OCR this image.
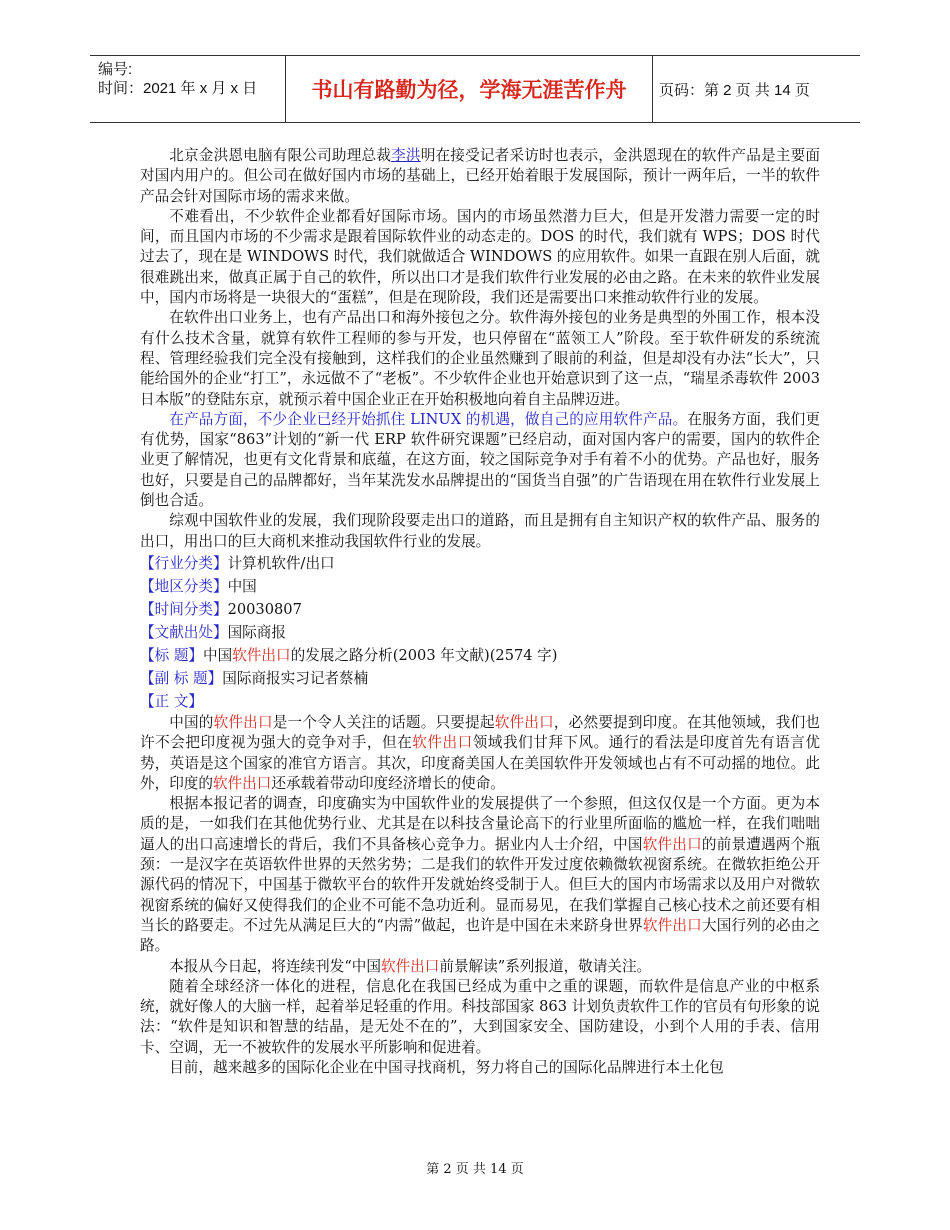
编号:
时间：2021 年 x 月 x 日	书山有路勤为径，学海无涯苦作舟	页码：第 2 页 共 14 页

北京金洪恩电脑有限公司助理总裁李洪明在接受记者采访时也表示，金洪恩现在的软件产品是主要面对国内用户的。但公司在做好国内市场的基础上，已经开始着眼于发展国际，预计一两年后，一半的软件产品会针对国际市场的需求来做。

不难看出，不少软件企业都看好国际市场。国内的市场虽然潜力巨大，但是开发潜力需要一定的时间，而且国内市场的不少需求是跟着国际软件业的动态走的。DOS 的时代，我们就有 WPS；DOS 时代过去了，现在是 WINDOWS 时代，我们就做适合 WINDOWS 的应用软件。如果一直跟在别人后面，就很难跳出来，做真正属于自己的软件，所以出口才是我们软件行业发展的必由之路。在未来的软件业发展中，国内市场将是一块很大的“蛋糕”，但是在现阶段，我们还是需要出口来推动软件行业的发展。

在软件出口业务上，也有产品出口和海外接包之分。软件海外接包的业务是典型的外围工作，根本没有什么技术含量，就算有软件工程师的参与开发，也只停留在“蓝领工人”阶段。至于软件研发的系统流程、管理经验我们完全没有接触到，这样我们的企业虽然赚到了眼前的利益，但是却没有办法“长大”，只能给国外的企业“打工”，永远做不了“老板”。不少软件企业也开始意识到了这一点，“瑞星杀毒软件 2003 日本版”的登陆东京，就预示着中国企业正在开始积极地向着自主品牌迈进。

在产品方面，不少企业已经开始抓住 LINUX 的机遇，做自己的应用软件产品。在服务方面，我们更有优势，国家“863”计划的“新一代 ERP 软件研究课题”已经启动，面对国内客户的需要，国内的软件企业更了解情况，也更有文化背景和底蕴，在这方面，较之国际竞争对手有着不小的优势。产品也好，服务也好，只要是自己的品牌都好，当年某洗发水品牌提出的“国货当自强”的广告语现在用在软件行业发展上倒也合适。

综观中国软件业的发展，我们现阶段要走出口的道路，而且是拥有自主知识产权的软件产品、服务的出口，用出口的巨大商机来推动我国软件行业的发展。

【行业分类】计算机软件/出口
【地区分类】中国
【时间分类】20030807
【文献出处】国际商报
【标 题】中国软件出口的发展之路分析(2003 年文献)(2574 字)
【副 标 题】国际商报实习记者蔡楠
【正 文】

中国的软件出口是一个令人关注的话题。只要提起软件出口，必然要提到印度。在其他领域，我们也许不会把印度视为强大的竞争对手，但在软件出口领域我们甘拜下风。通行的看法是印度首先有语言优势，英语是这个国家的准官方语言。其次，印度裔美国人在美国软件开发领域也占有不可动摇的地位。此外，印度的软件出口还承载着带动印度经济增长的使命。

根据本报记者的调查，印度确实为中国软件业的发展提供了一个参照，但这仅仅是一个方面。更为本质的是，一如我们在其他优势行业、尤其是在以科技含量论高下的行业里所面临的尴尬一样，在我们咄咄逼人的出口高速增长的背后，我们不具备核心竞争力。据业内人士介绍，中国软件出口的前景遭遇两个瓶颈：一是汉字在英语软件世界的天然劣势；二是我们的软件开发过度依赖微软视窗系统。在微软拒绝公开源代码的情况下，中国基于微软平台的软件开发就始终受制于人。但巨大的国内市场需求以及用户对微软视窗系统的偏好又使得我们的企业不可能不急功近利。显而易见，在我们掌握自己核心技术之前还要有相当长的路要走。不过先从满足巨大的“内需”做起，也许是中国在未来跻身世界软件出口大国行列的必由之路。

本报从今日起，将连续刊发“中国软件出口前景解读”系列报道，敬请关注。

随着全球经济一体化的进程，信息化在我国已经成为重中之重的课题，而软件是信息产业的中枢系统，就好像人的大脑一样，起着举足轻重的作用。科技部国家 863 计划负责软件工作的官员有句形象的说法：“软件是知识和智慧的结晶，是无处不在的”，大到国家安全、国防建设，小到个人用的手表、信用卡、空调，无一不被软件的发展水平所影响和促进着。

目前，越来越多的国际化企业在中国寻找商机，努力将自己的国际化品牌进行本土化包

第 2 页 共 14 页
